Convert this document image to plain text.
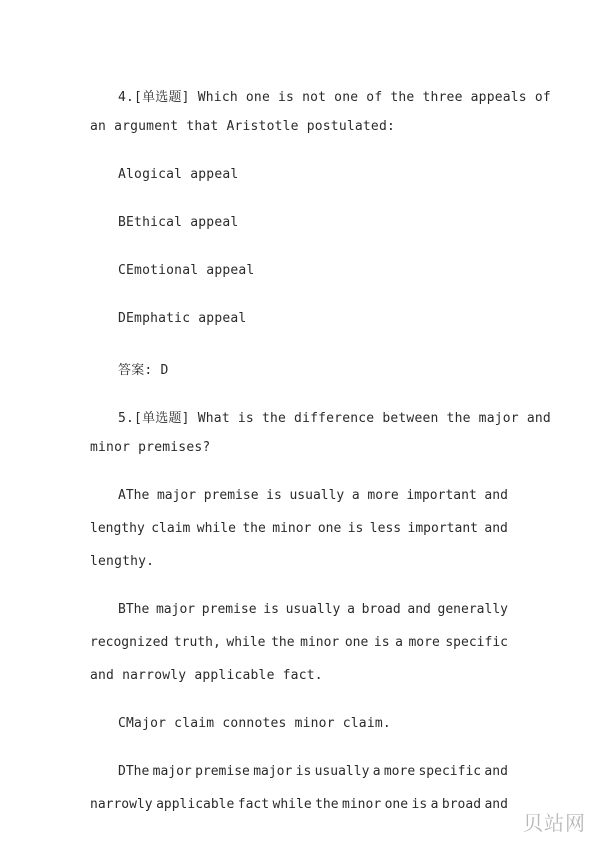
4.[单选题] Which one is not one of the three appeals of
an argument that Aristotle postulated:
Alogical appeal
BEthical appeal
CEmotional appeal
DEmphatic appeal
答案: D
5.[单选题] What is the difference between the major and
minor premises?
AThe major premise is usually a more important and
lengthy claim while the minor one is less important and
lengthy.
BThe major premise is usually a broad and generally
recognized truth, while the minor one is a more specific
and narrowly applicable fact.
CMajor claim connotes minor claim.
DThe major premise major is usually a more specific and
narrowly applicable fact while the minor one is a broad and
贝站网
